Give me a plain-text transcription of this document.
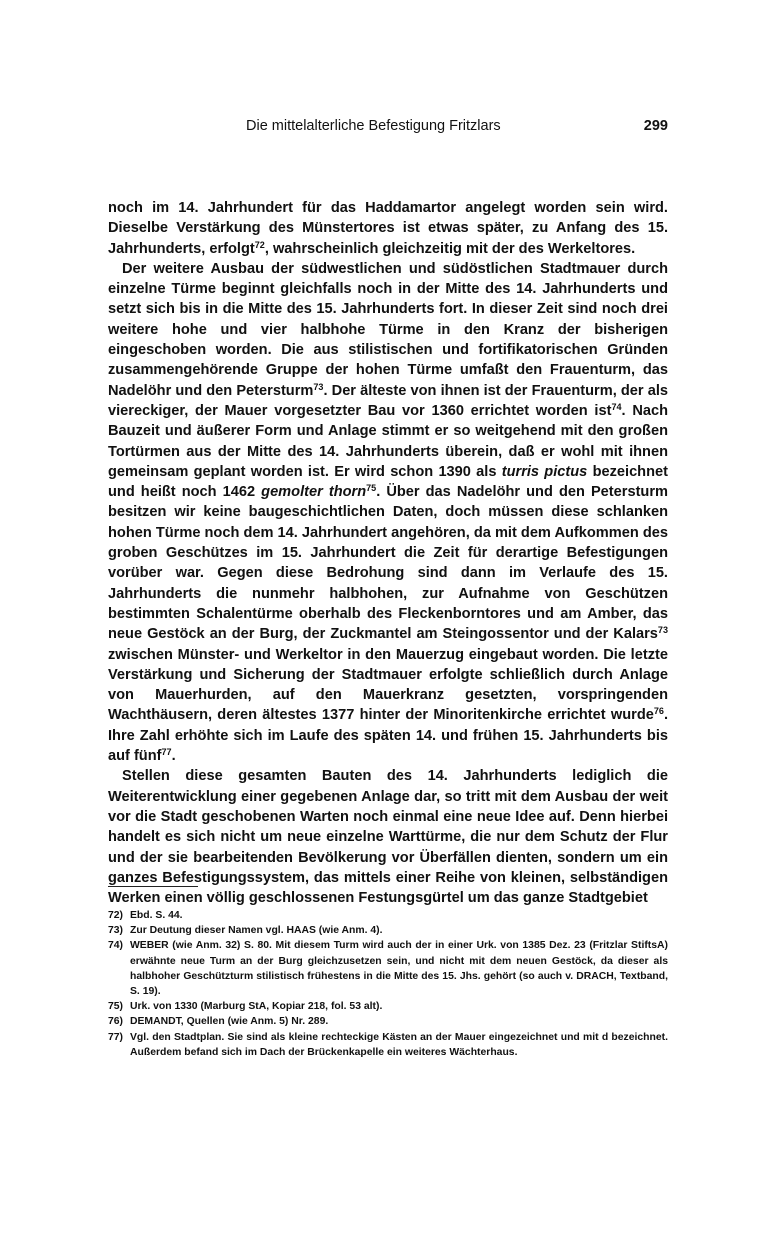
Die mittelalterliche Befestigung Fritzlars	299

noch im 14. Jahrhundert für das Haddamartor angelegt worden sein wird. Dieselbe Verstärkung des Münstertores ist etwas später, zu Anfang des 15. Jahrhunderts, erfolgt$^{72}$, wahrscheinlich gleichzeitig mit der des Werkeltores.

Der weitere Ausbau der südwestlichen und südöstlichen Stadtmauer durch einzelne Türme beginnt gleichfalls noch in der Mitte des 14. Jahrhunderts und setzt sich bis in die Mitte des 15. Jahrhunderts fort. In dieser Zeit sind noch drei weitere hohe und vier halbhohe Türme in den Kranz der bisherigen eingeschoben worden. Die aus stilistischen und fortifikatorischen Gründen zusammengehörende Gruppe der hohen Türme umfaßt den Frauenturm, das Nadelöhr und den Petersturm$^{73}$. Der älteste von ihnen ist der Frauenturm, der als viereckiger, der Mauer vorgesetzter Bau vor 1360 errichtet worden ist$^{74}$. Nach Bauzeit und äußerer Form und Anlage stimmt er so weitgehend mit den großen Tortürmen aus der Mitte des 14. Jahrhunderts überein, daß er wohl mit ihnen gemeinsam geplant worden ist. Er wird schon 1390 als turris pictus bezeichnet und heißt noch 1462 gemolter thorn$^{75}$. Über das Nadelöhr und den Petersturm besitzen wir keine baugeschichtlichen Daten, doch müssen diese schlanken hohen Türme noch dem 14. Jahrhundert angehören, da mit dem Aufkommen des groben Geschützes im 15. Jahrhundert die Zeit für derartige Befestigungen vorüber war. Gegen diese Bedrohung sind dann im Verlaufe des 15. Jahrhunderts die nunmehr halbhohen, zur Aufnahme von Geschützen bestimmten Schalentürme oberhalb des Fleckenborntores und am Amber, das neue Gestöck an der Burg, der Zuckmantel am Steingossentor und der Kalars$^{73}$ zwischen Münster- und Werkeltor in den Mauerzug eingebaut worden. Die letzte Verstärkung und Sicherung der Stadtmauer erfolgte schließlich durch Anlage von Mauerhurden, auf den Mauerkranz gesetzten, vorspringenden Wachthäusern, deren ältestes 1377 hinter der Minoritenkirche errichtet wurde$^{76}$. Ihre Zahl erhöhte sich im Laufe des späten 14. und frühen 15. Jahrhunderts bis auf fünf$^{77}$.

Stellen diese gesamten Bauten des 14. Jahrhunderts lediglich die Weiterentwicklung einer gegebenen Anlage dar, so tritt mit dem Ausbau der weit vor die Stadt geschobenen Warten noch einmal eine neue Idee auf. Denn hierbei handelt es sich nicht um neue einzelne Warttürme, die nur dem Schutz der Flur und der sie bearbeitenden Bevölkerung vor Überfällen dienten, sondern um ein ganzes Befestigungssystem, das mittels einer Reihe von kleinen, selbständigen Werken einen völlig geschlossenen Festungsgürtel um das ganze Stadtgebiet

72) Ebd. S. 44.
73) Zur Deutung dieser Namen vgl. HAAS (wie Anm. 4).
74) WEBER (wie Anm. 32) S. 80. Mit diesem Turm wird auch der in einer Urk. von 1385 Dez. 23 (Fritzlar StiftsA) erwähnte neue Turm an der Burg gleichzusetzen sein, und nicht mit dem neuen Gestöck, da dieser als halbhoher Geschützturm stilistisch frühestens in die Mitte des 15. Jhs. gehört (so auch v. DRACH, Textband, S. 19).
75) Urk. von 1330 (Marburg StA, Kopiar 218, fol. 53 alt).
76) DEMANDT, Quellen (wie Anm. 5) Nr. 289.
77) Vgl. den Stadtplan. Sie sind als kleine rechteckige Kästen an der Mauer eingezeichnet und mit d bezeichnet. Außerdem befand sich im Dach der Brückenkapelle ein weiteres Wächterhaus.
